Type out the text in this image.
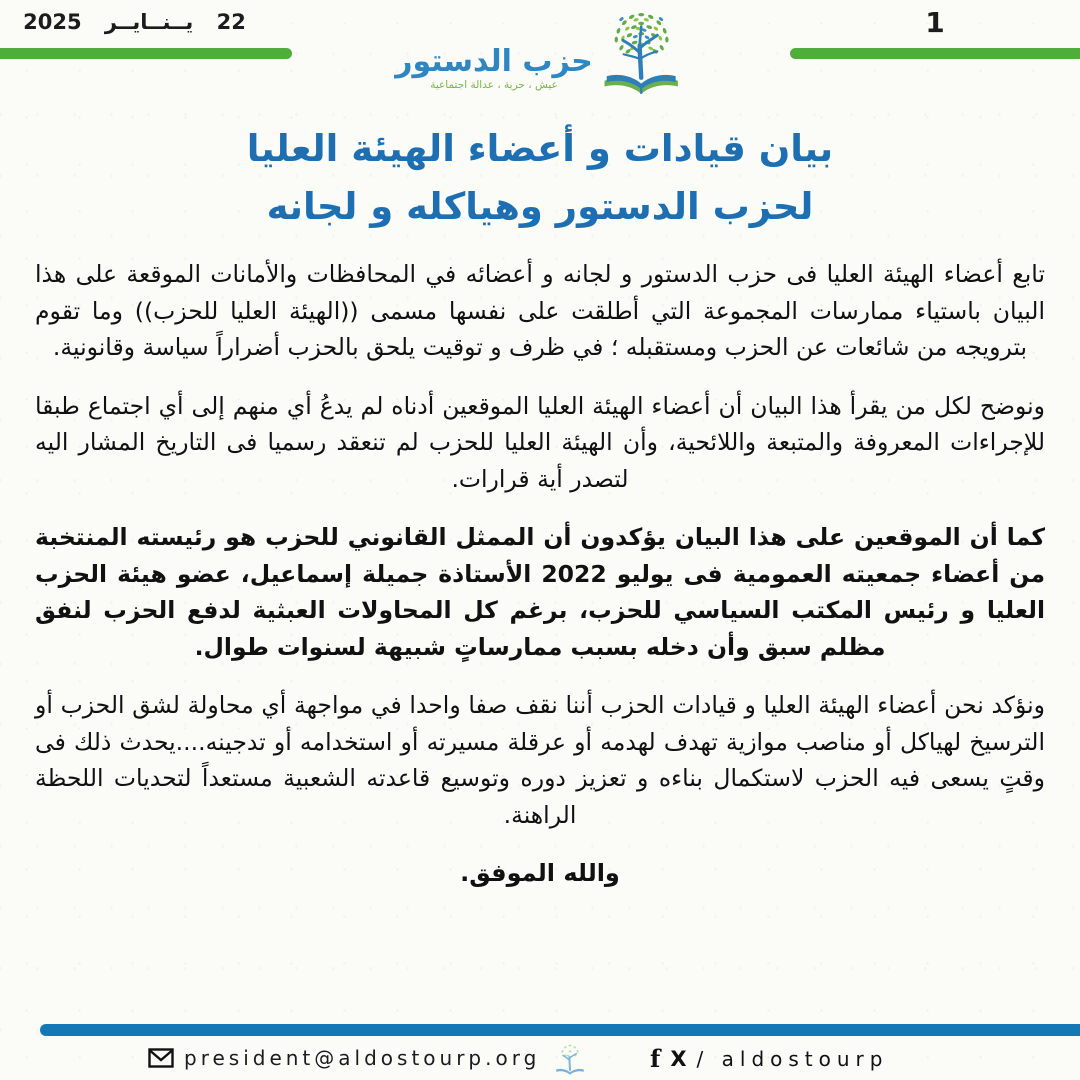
22 يــنــايــر 2025	1
حزب الدستور
عيش ، حرية ، عدالة اجتماعية
بيان قيادات و أعضاء الهيئة العليا
لحزب الدستور وهياكله و لجانه

تابع أعضاء الهيئة العليا فى حزب الدستور و لجانه و أعضائه في المحافظات والأمانات الموقعة على هذا البيان باستياء ممارسات المجموعة التي أطلقت على نفسها مسمى ((الهيئة العليا للحزب)) وما تقوم بترويجه من شائعات عن الحزب ومستقبله ؛ في ظرف و توقيت يلحق بالحزب أضراراً سياسة وقانونية.

ونوضح لكل من يقرأ هذا البيان أن أعضاء الهيئة العليا الموقعين أدناه لم يدعُ أي منهم إلى أي اجتماع طبقا للإجراءات المعروفة والمتبعة واللائحية، وأن الهيئة العليا للحزب لم تنعقد رسميا فى التاريخ المشار اليه لتصدر أية قرارات.

كما أن الموقعين على هذا البيان يؤكدون أن الممثل القانوني للحزب هو رئيسته المنتخبة من أعضاء جمعيته العمومية فى يوليو 2022 الأستاذة جميلة إسماعيل، عضو هيئة الحزب العليا و رئيس المكتب السياسي للحزب، برغم كل المحاولات العبثية لدفع الحزب لنفق مظلم سبق وأن دخله بسبب ممارساتٍ شبيهة لسنوات طوال.

ونؤكد نحن أعضاء الهيئة العليا و قيادات الحزب أننا نقف صفا واحدا في مواجهة أي محاولة لشق الحزب أو الترسيخ لهياكل أو مناصب موازية تهدف لهدمه أو عرقلة مسيرته أو استخدامه أو تدجينه....يحدث ذلك فى وقتٍ يسعى فيه الحزب لاستكمال بناءه و تعزيز دوره وتوسيع قاعدته الشعبية مستعداً لتحديات اللحظة الراهنة.

والله الموفق.

president@aldostourp.org	f X / aldostourp
